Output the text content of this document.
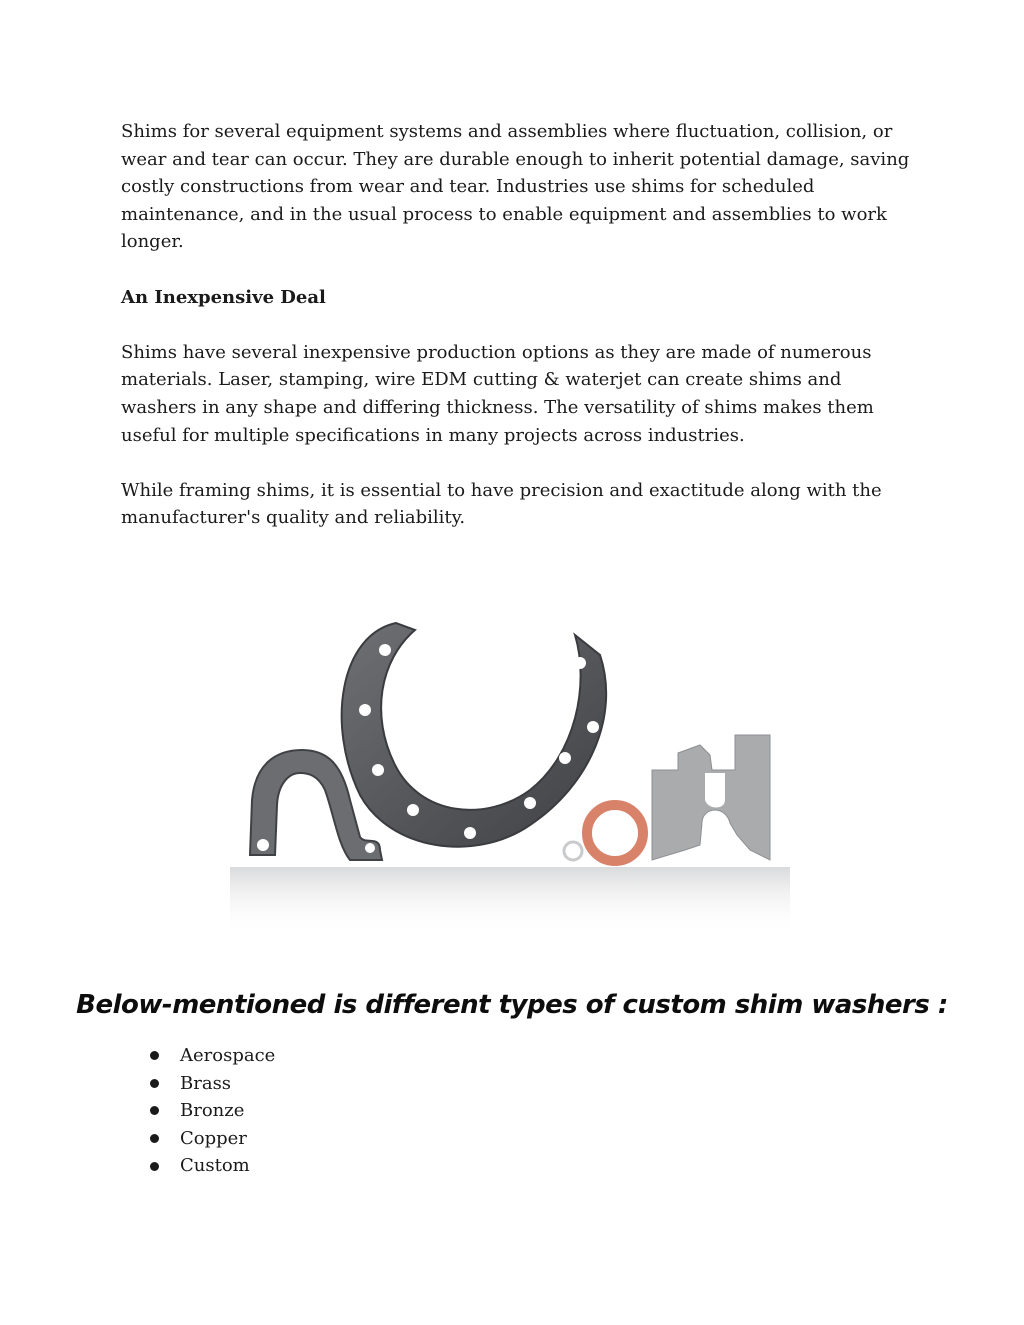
Shims for several equipment systems and assemblies where fluctuation, collision, or wear and tear can occur. They are durable enough to inherit potential damage, saving costly constructions from wear and tear. Industries use shims for scheduled maintenance, and in the usual process to enable equipment and assemblies to work longer.

An Inexpensive Deal

Shims have several inexpensive production options as they are made of numerous materials. Laser, stamping, wire EDM cutting & waterjet can create shims and washers in any shape and differing thickness. The versatility of shims makes them useful for multiple specifications in many projects across industries.

While framing shims, it is essential to have precision and exactitude along with the manufacturer's quality and reliability.

Below-mentioned is different types of custom shim washers :
Aerospace
Brass
Bronze
Copper
Custom
